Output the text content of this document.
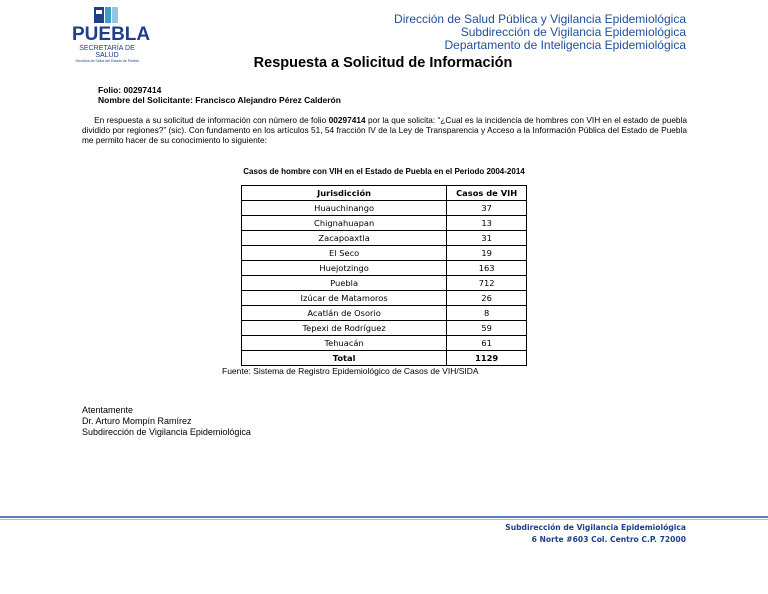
PUEBLA
SECRETARÍA DE SALUD
Servicios de Salud del Estado de Puebla
Dirección de Salud Pública y Vigilancia Epidemiológica
Subdirección de Vigilancia Epidemiológica
Departamento de Inteligencia Epidemiológica
Respuesta a Solicitud de Información
Folio: 00297414
Nombre del Solicitante: Francisco Alejandro Pérez Calderón
En respuesta a su solicitud de información con número de folio 00297414 por la que solicita: “¿Cual es la incidencia de hombres con VIH en el estado de puebla dividido por regiones?” (sic). Con fundamento en los artículos 51, 54 fracción IV de la Ley de Transparencia y Acceso a la Información Pública del Estado de Puebla me permito hacer de su conocimiento lo siguiente:
Casos de hombre con VIH en el Estado de Puebla en el Periodo 2004-2014
Jurisdicción	Casos de VIH
Huauchinango	37
Chignahuapan	13
Zacapoaxtla	31
El Seco	19
Huejotzingo	163
Puebla	712
Izúcar de Matamoros	26
Acatlán de Osorio	8
Tepexi de Rodríguez	59
Tehuacán	61
Total	1129
Fuente: Sistema de Registro Epidemiológico de Casos de VIH/SIDA
Atentamente
Dr. Arturo Mompín Ramírez
Subdirección de Vigilancia Epidemiológica
Subdirección de Vigilancia Epidemiológica
6 Norte #603 Col. Centro C.P. 72000
